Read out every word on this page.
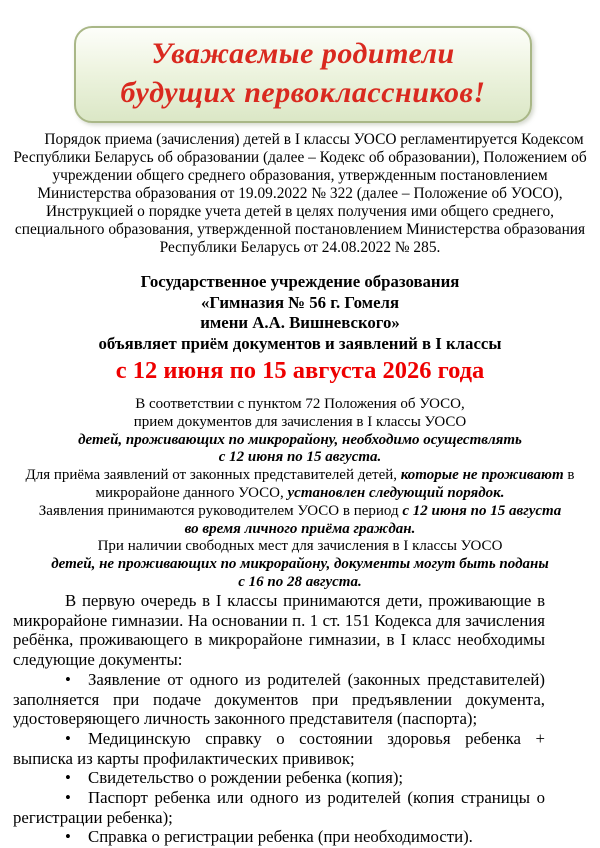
Уважаемые родители
будущих первоклассников!

Порядок приема (зачисления) детей в I классы УОСО регламентируется Кодексом Республики Беларусь об образовании (далее – Кодекс об образовании), Положением об учреждении общего среднего образования, утвержденным постановлением Министерства образования от 19.09.2022 № 322 (далее – Положение об УОСО), Инструкцией о порядке учета детей в целях получения ими общего среднего, специального образования, утвержденной постановлением Министерства образования Республики Беларусь от 24.08.2022 № 285.

Государственное учреждение образования
«Гимназия № 56 г. Гомеля
имени А.А. Вишневского»
объявляет приём документов и заявлений в I классы
с 12 июня по 15 августа 2026 года
В соответствии с пунктом 72 Положения об УОСО,
прием документов для зачисления в I классы УОСО
детей, проживающих по микрорайону, необходимо осуществлять
с 12 июня по 15 августа.
Для приёма заявлений от законных представителей детей, которые не проживают в
микрорайоне данного УОСО, установлен следующий порядок.
Заявления принимаются руководителем УОСО в период с 12 июня по 15 августа
во время личного приёма граждан.
При наличии свободных мест для зачисления в I классы УОСО
детей, не проживающих по микрорайону, документы могут быть поданы
с 16 по 28 августа.

В первую очередь в I классы принимаются дети, проживающие в микрорайоне гимназии. На основании п. 1 ст. 151 Кодекса для зачисления ребёнка, проживающего в микрорайоне гимназии, в I класс необходимы следующие документы:

• Заявление от одного из родителей (законных представителей) заполняется при подаче документов при предъявлении документа, удостоверяющего личность законного представителя (паспорта);

• Медицинскую справку о состоянии здоровья ребенка + выписка из карты профилактических прививок;

• Свидетельство о рождении ребенка (копия);

• Паспорт ребенка или одного из родителей (копия страницы о регистрации ребенка);

• Справка о регистрации ребенка (при необходимости).
